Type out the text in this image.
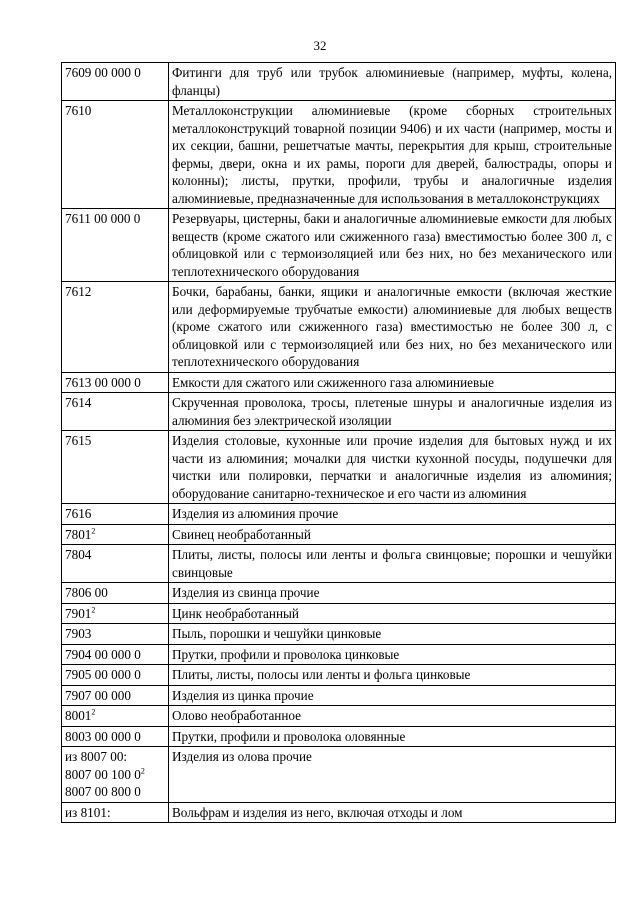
32
7609 00 000 0	Фитинги для труб или трубок алюминиевые (например, муфты, колена, фланцы)

7610	Металлоконструкции алюминиевые (кроме сборных строительных металлоконструкций товарной позиции 9406) и их части (например, мосты и их секции, башни, решетчатые мачты, перекрытия для крыш, строительные фермы, двери, окна и их рамы, пороги для дверей, балюстрады, опоры и колонны); листы, прутки, профили, трубы и аналогичные изделия алюминиевые, предназначенные для использования в металлоконструкциях

7611 00 000 0	Резервуары, цистерны, баки и аналогичные алюминиевые емкости для любых веществ (кроме сжатого или сжиженного газа) вместимостью более 300 л, с облицовкой или с термоизоляцией или без них, но без механического или теплотехнического оборудования

7612	Бочки, барабаны, банки, ящики и аналогичные емкости (включая жесткие или деформируемые трубчатые емкости) алюминиевые для любых веществ (кроме сжатого или сжиженного газа) вместимостью не более 300 л, с облицовкой или с термоизоляцией или без них, но без механического или теплотехнического оборудования

7613 00 000 0	Емкости для сжатого или сжиженного газа алюминиевые

7614	Скрученная проволока, тросы, плетеные шнуры и аналогичные изделия из алюминия без электрической изоляции

7615	Изделия столовые, кухонные или прочие изделия для бытовых нужд и их части из алюминия; мочалки для чистки кухонной посуды, подушечки для чистки или полировки, перчатки и аналогичные изделия из алюминия; оборудование санитарно-техническое и его части из алюминия

7616	Изделия из алюминия прочие

7801$^2$	Свинец необработанный

7804	Плиты, листы, полосы или ленты и фольга свинцовые; порошки и чешуйки свинцовые

7806 00	Изделия из свинца прочие

7901$^2$	Цинк необработанный

7903	Пыль, порошки и чешуйки цинковые

7904 00 000 0	Прутки, профили и проволока цинковые

7905 00 000 0	Плиты, листы, полосы или ленты и фольга цинковые

7907 00 000	Изделия из цинка прочие

8001$^2$	Олово необработанное

8003 00 000 0	Прутки, профили и проволока оловянные

из 8007 00:
8007 00 100 $0^2$
8007 00 800 0	Изделия из олова прочие

из 8101:	Вольфрам и изделия из него, включая отходы и лом
